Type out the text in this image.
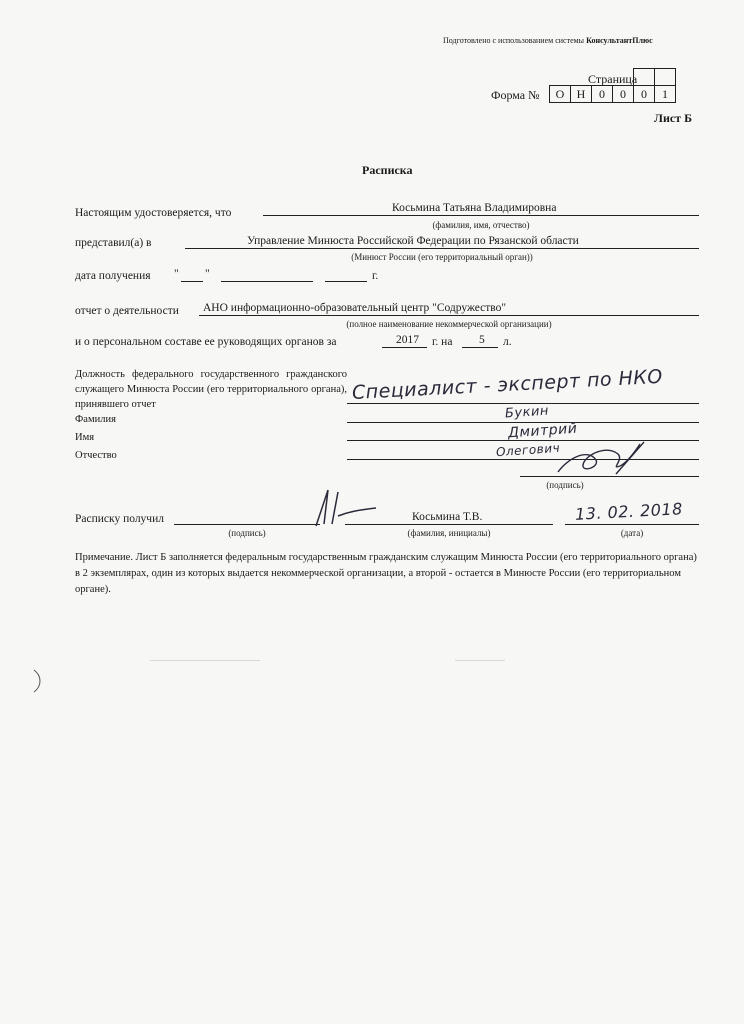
Подготовлено с использованием системы КонсультантПлюс
Страница
Форма №
					О	Н	0	0	0	1
Лист Б
Расписка
Настоящим удостоверяется, что	Косьмина Татьяна Владимировна
(фамилия, имя, отчество)
представил(а) в	Управление Минюста Российской Федерации по Рязанской области
(Минюст России (его территориальный орган))
дата получения " "	г.
отчет о деятельности АНО информационно-образовательный центр "Содружество"
(полное наименование некоммерческой организации)
и о персональном составе ее руководящих органов за	2017 г. на 5 л.
Должность федерального государственного гражданского служащего Минюста России (его территориального органа), принявшего отчет
Специалист - эксперт по НКО
Фамилия	Букин
Имя	Дмитрий
Отчество	Олегович
(подпись)
Расписку получил
(подпись)
Косьмина Т.В.
(фамилия, инициалы)
13. 02. 2018
(дата)
Примечание. Лист Б заполняется федеральным государственным гражданским служащим Минюста России (его территориального органа) в 2 экземплярах, один из которых выдается некоммерческой организации, а второй - остается в Минюсте России (его территориальном органе).
